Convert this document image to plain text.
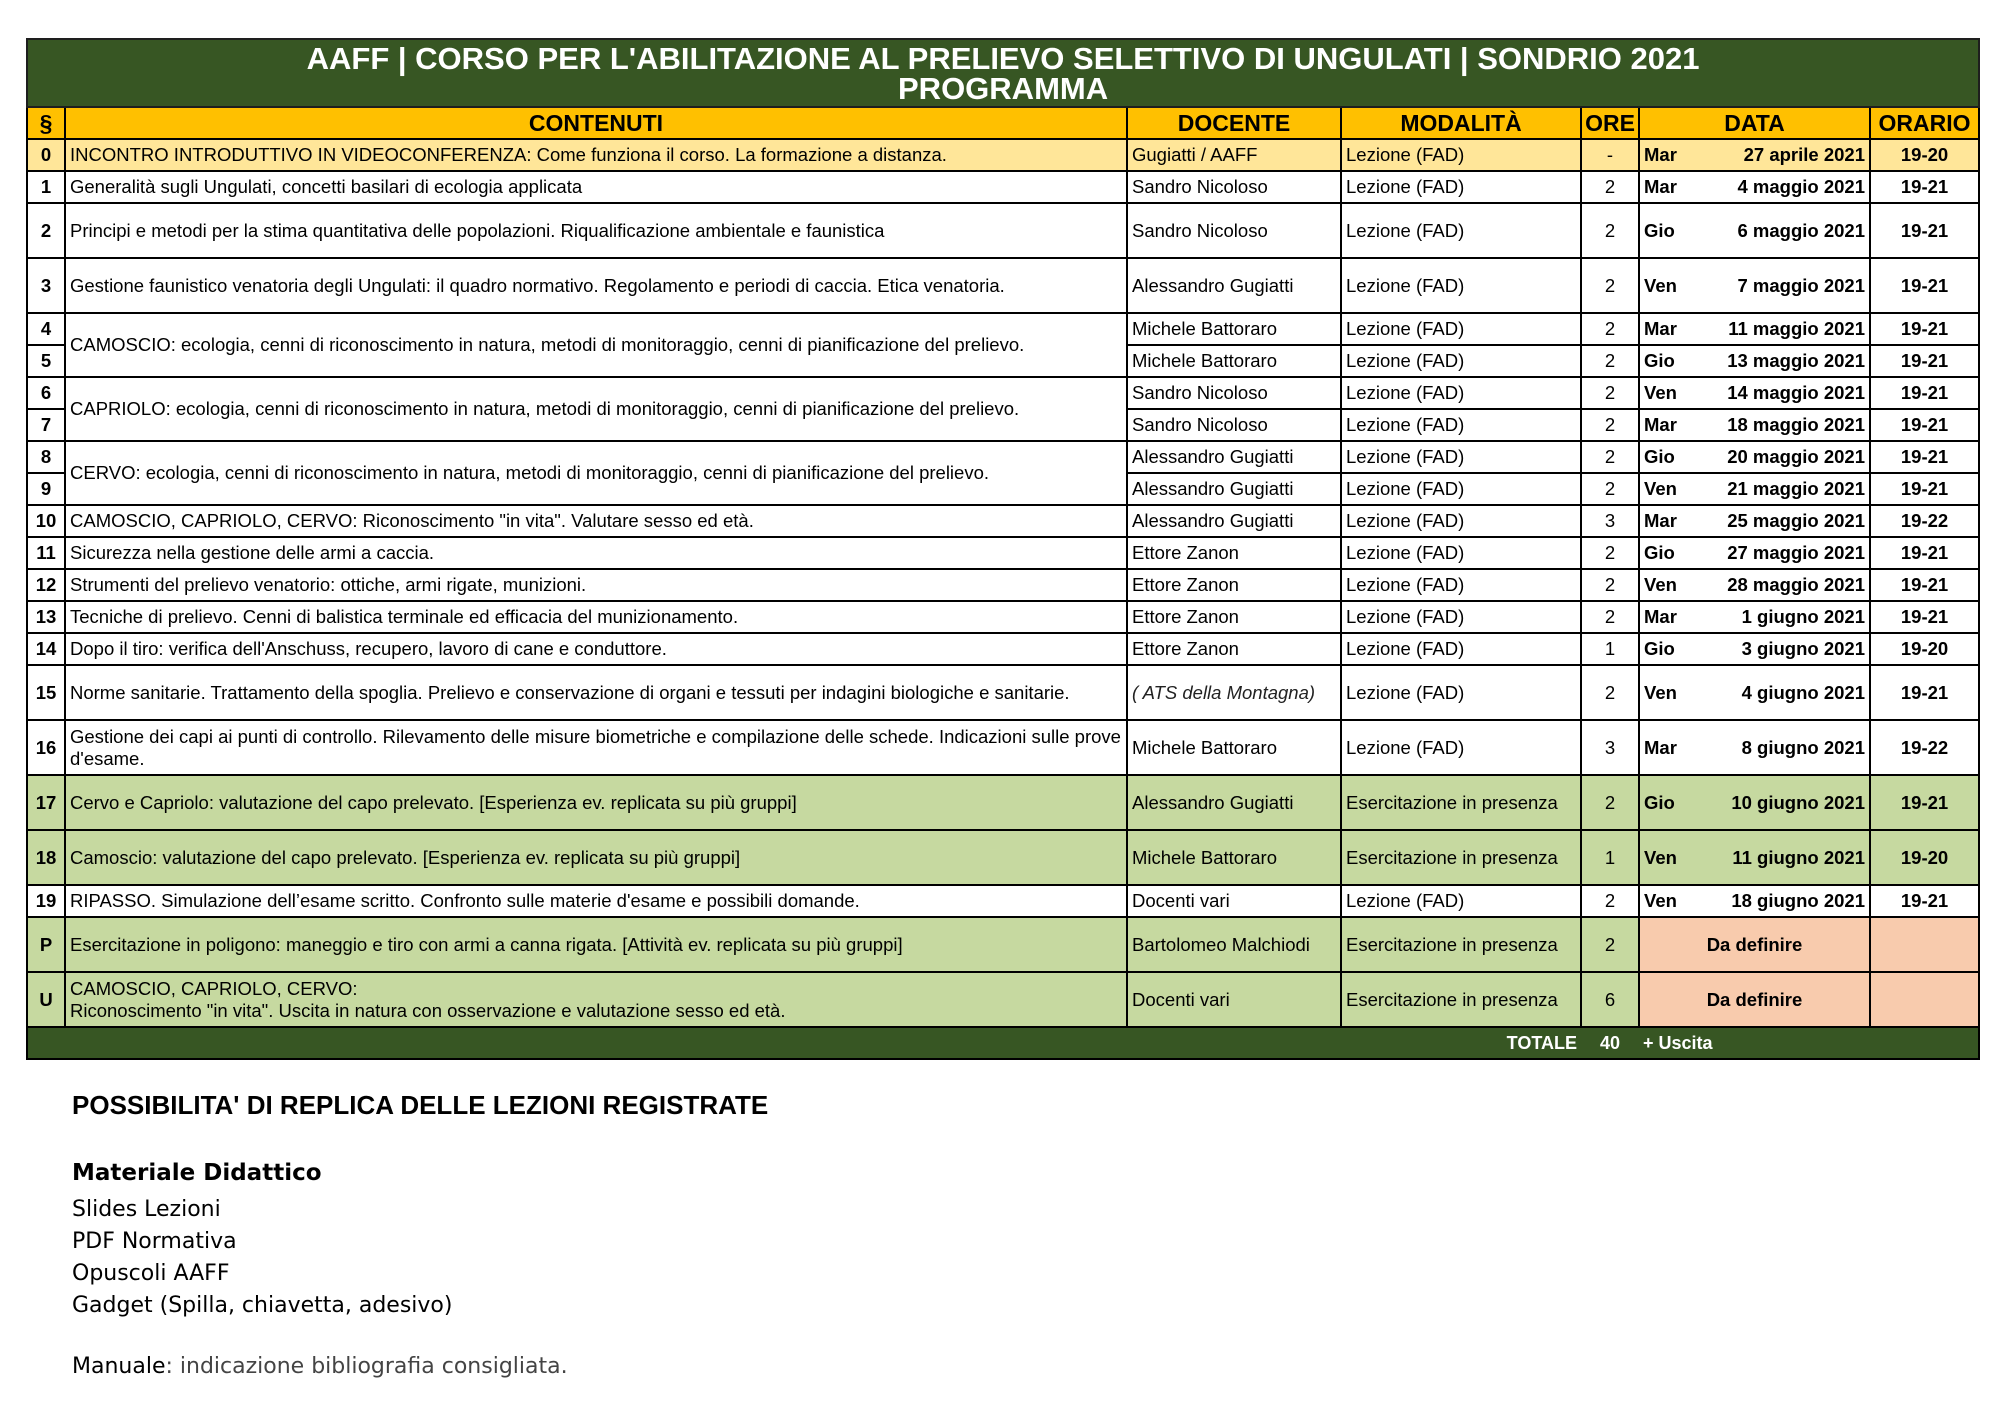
AAFF | CORSO PER L'ABILITAZIONE AL PRELIEVO SELETTIVO DI UNGULATI | SONDRIO 2021
PROGRAMMA							

§	CONTENUTI	DOCENTE	MODALITÀ	ORE	DATA		ORARIO
0	INCONTRO INTRODUTTIVO IN VIDEOCONFERENZA: Come funziona il corso. La formazione a distanza.	Gugiatti / AAFF	Lezione (FAD)	-	Mar	27 aprile 2021	19-20
1	Generalità sugli Ungulati, concetti basilari di ecologia applicata	Sandro Nicoloso	Lezione (FAD)	2	Mar	4 maggio 2021	19-21
2	Principi e metodi per la stima quantitativa delle popolazioni. Riqualificazione ambientale e faunistica	Sandro Nicoloso	Lezione (FAD)	2	Gio	6 maggio 2021	19-21
3	Gestione faunistico venatoria degli Ungulati: il quadro normativo. Regolamento e periodi di caccia. Etica venatoria.	Alessandro Gugiatti	Lezione (FAD)	2	Ven	7 maggio 2021	19-21
4	CAMOSCIO: ecologia, cenni di riconoscimento in natura, metodi di monitoraggio, cenni di pianificazione del prelievo.	Michele Battoraro	Lezione (FAD)	2	Mar	11 maggio 2021	19-21
5		Michele Battoraro	Lezione (FAD)	2	Gio	13 maggio 2021	19-21
6	CAPRIOLO: ecologia, cenni di riconoscimento in natura, metodi di monitoraggio, cenni di pianificazione del prelievo.	Sandro Nicoloso	Lezione (FAD)	2	Ven	14 maggio 2021	19-21
7		Sandro Nicoloso	Lezione (FAD)	2	Mar	18 maggio 2021	19-21
8	CERVO: ecologia, cenni di riconoscimento in natura, metodi di monitoraggio, cenni di pianificazione del prelievo.	Alessandro Gugiatti	Lezione (FAD)	2	Gio	20 maggio 2021	19-21
9		Alessandro Gugiatti	Lezione (FAD)	2	Ven	21 maggio 2021	19-21
10	CAMOSCIO, CAPRIOLO, CERVO: Riconoscimento "in vita". Valutare sesso ed età.	Alessandro Gugiatti	Lezione (FAD)	3	Mar	25 maggio 2021	19-22
11	Sicurezza nella gestione delle armi a caccia.	Ettore Zanon	Lezione (FAD)	2	Gio	27 maggio 2021	19-21
12	Strumenti del prelievo venatorio: ottiche, armi rigate, munizioni.	Ettore Zanon	Lezione (FAD)	2	Ven	28 maggio 2021	19-21
13	Tecniche di prelievo. Cenni di balistica terminale ed efficacia del munizionamento.	Ettore Zanon	Lezione (FAD)	2	Mar	1 giugno 2021	19-21
14	Dopo il tiro: verifica dell'Anschuss, recupero, lavoro di cane e conduttore.	Ettore Zanon	Lezione (FAD)	1	Gio	3 giugno 2021	19-20
15	Norme sanitarie. Trattamento della spoglia. Prelievo e conservazione di organi e tessuti per indagini biologiche e sanitarie.	( ATS della Montagna)	Lezione (FAD)	2	Ven	4 giugno 2021	19-21
16	Gestione dei capi ai punti di controllo. Rilevamento delle misure biometriche e compilazione delle schede. Indicazioni sulle prove d'esame.	Michele Battoraro	Lezione (FAD)	3	Mar	8 giugno 2021	19-22
17	Cervo e Capriolo: valutazione del capo prelevato. [Esperienza ev. replicata su più gruppi]	Alessandro Gugiatti	Esercitazione in presenza	2	Gio	10 giugno 2021	19-21
18	Camoscio: valutazione del capo prelevato. [Esperienza ev. replicata su più gruppi]	Michele Battoraro	Esercitazione in presenza	1	Ven	11 giugno 2021	19-20
19	RIPASSO. Simulazione dell’esame scritto. Confronto sulle materie d'esame e possibili domande.	Docenti vari	Lezione (FAD)	2	Ven	18 giugno 2021	19-21
P	Esercitazione in poligono: maneggio e tiro con armi a canna rigata. [Attività ev. replicata su più gruppi]	Bartolomeo Malchiodi	Esercitazione in presenza	2	Da definire		
U	CAMOSCIO, CAPRIOLO, CERVO:
Riconoscimento "in vita". Uscita in natura con osservazione e valutazione sesso ed età.	Docenti vari	Esercitazione in presenza	6	Da definire		
TOTALE				40	+ Uscita		
POSSIBILITA' DI REPLICA DELLE LEZIONI REGISTRATE
Materiale Didattico
Slides Lezioni
PDF Normativa
Opuscoli AAFF
Gadget (Spilla, chiavetta, adesivo)
Manuale: indicazione bibliografia consigliata.
